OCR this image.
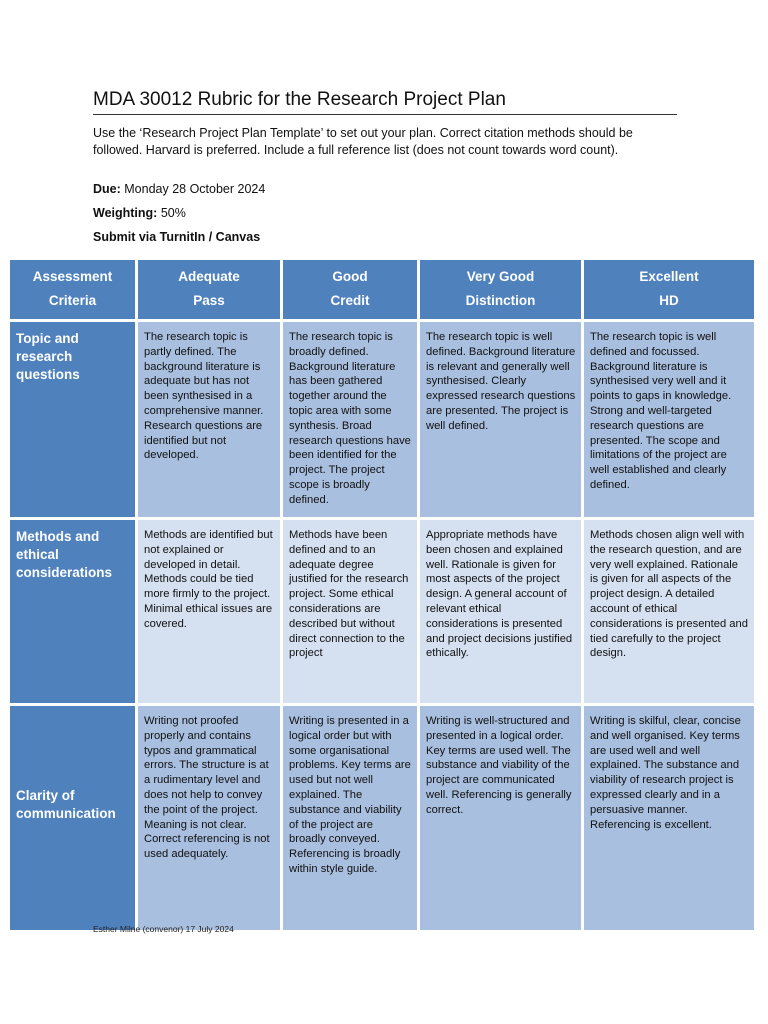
MDA 30012 Rubric for the Research Project Plan
Use the ‘Research Project Plan Template’ to set out your plan. Correct citation methods should be followed. Harvard is preferred. Include a full reference list (does not count towards word count).
Due: Monday 28 October 2024
Weighting: 50%
Submit via TurnitIn / Canvas
Assessment
Criteria
Adequate
Pass
Good
Credit
Very Good
Distinction
Excellent
HD
Topic and research questions
The research topic is partly defined. The background literature is adequate but has not been synthesised in a comprehensive manner. Research questions are identified but not developed.
The research topic is broadly defined. Background literature has been gathered together around the topic area with some synthesis. Broad research questions have been identified for the project. The project scope is broadly defined.
The research topic is well defined. Background literature is relevant and generally well synthesised. Clearly expressed research questions are presented. The project is well defined.
The research topic is well defined and focussed. Background literature is synthesised very well and it points to gaps in knowledge. Strong and well-targeted research questions are presented. The scope and limitations of the project are well established and clearly defined.
Methods and ethical considerations
Methods are identified but not explained or developed in detail. Methods could be tied more firmly to the project. Minimal ethical issues are covered.
Methods have been defined and to an adequate degree justified for the research project. Some ethical considerations are described but without direct connection to the project
Appropriate methods have been chosen and explained well. Rationale is given for most aspects of the project design. A general account of relevant ethical considerations is presented and project decisions justified ethically.
Methods chosen align well with the research question, and are very well explained. Rationale is given for all aspects of the project design. A detailed account of ethical considerations is presented and tied carefully to the project design.
Clarity of communication
Writing not proofed properly and contains typos and grammatical errors. The structure is at a rudimentary level and does not help to convey the point of the project. Meaning is not clear. Correct referencing is not used adequately.
Writing is presented in a logical order but with some organisational problems. Key terms are used but not well explained. The substance and viability of the project are broadly conveyed. Referencing is broadly within style guide.
Writing is well-structured and presented in a logical order. Key terms are used well. The substance and viability of the project are communicated well. Referencing is generally correct.
Writing is skilful, clear, concise and well organised. Key terms are used well and well explained. The substance and viability of research project is expressed clearly and in a persuasive manner. Referencing is excellent.
Esther Milne (convenor) 17 July 2024
